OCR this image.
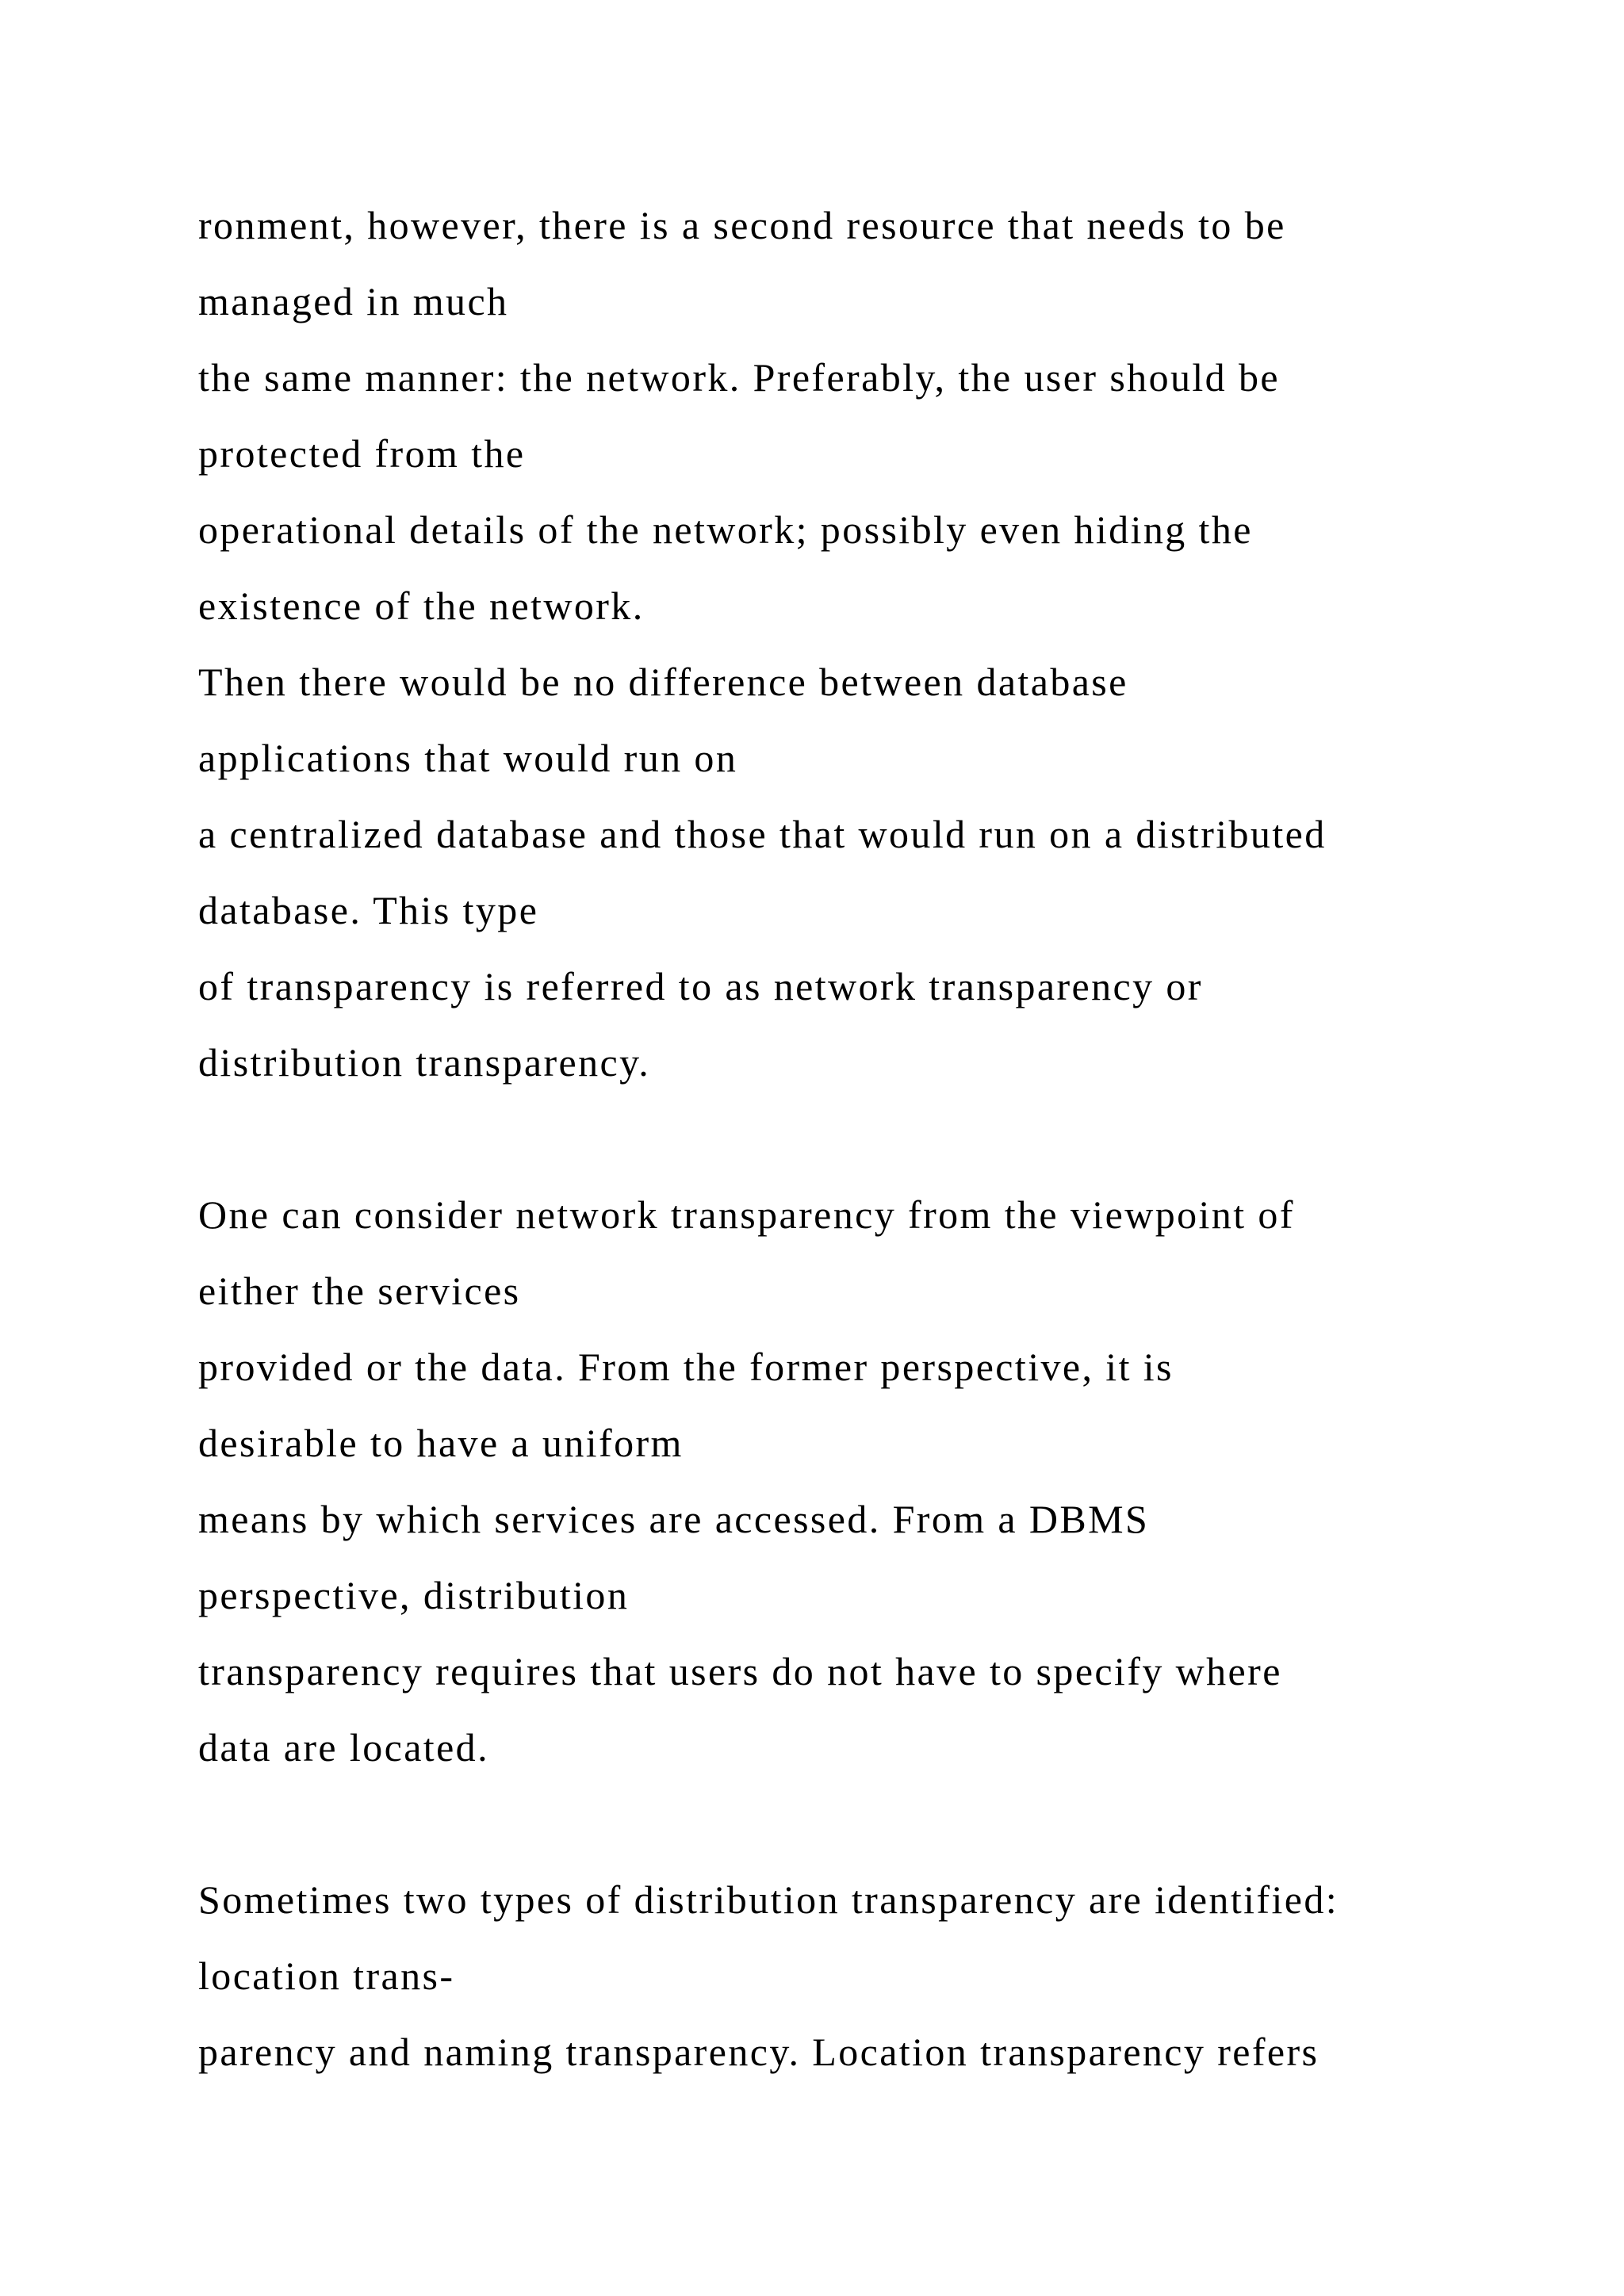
ronment, however, there is a second resource that needs to be
managed in much
the same manner: the network. Preferably, the user should be
protected from the
operational details of the network; possibly even hiding the
existence of the network.
Then there would be no difference between database
applications that would run on
a centralized database and those that would run on a distributed
database. This type
of transparency is referred to as network transparency or
distribution transparency.
One can consider network transparency from the viewpoint of
either the services
provided or the data. From the former perspective, it is
desirable to have a uniform
means by which services are accessed. From a DBMS
perspective, distribution
transparency requires that users do not have to specify where
data are located.
Sometimes two types of distribution transparency are identified:
location trans-
parency and naming transparency. Location transparency refers
